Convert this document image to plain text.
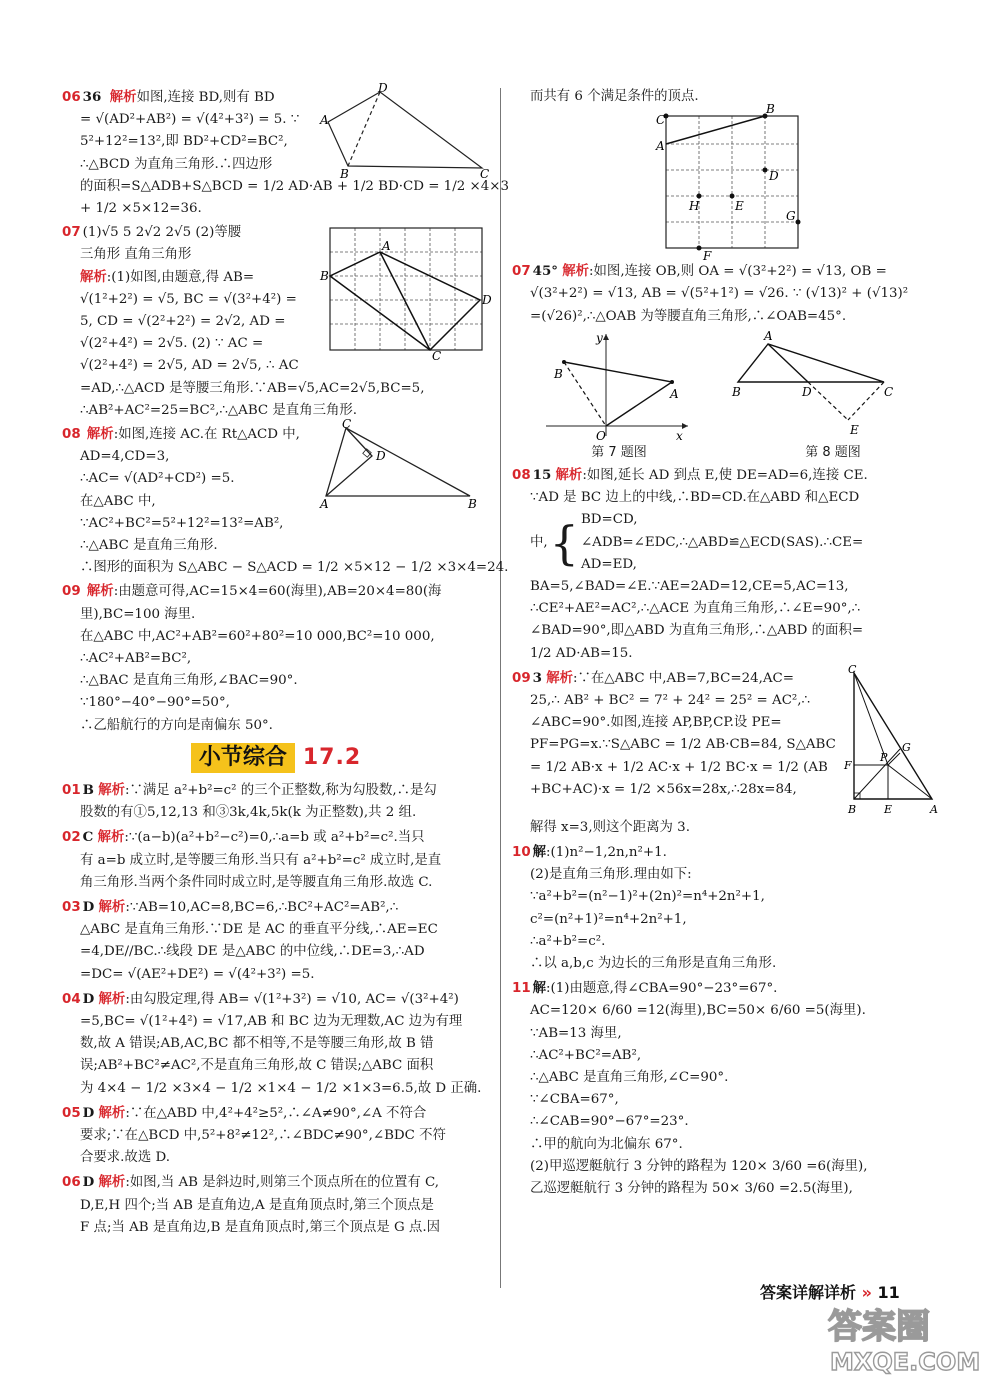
D
A
B	C
06 36 解析如图,连接 BD,则有 BD
= √(AD²+AB²) = √(4²+3²) = 5. ∵
5²+12²=13²,即 BD²+CD²=BC²,
∴△BCD 为直角三角形.∴四边形
的面积=S△ADB+S△BCD = 1/2 AD·AB + 1/2 BD·CD = 1/2 ×4×3
+ 1/2 ×5×12=36.
A
B
C
D
07 (1)√5 5 2√2 2√5 (2)等腰
三角形 直角三角形
解析:(1)如图,由题意,得 AB=
√(1²+2²) = √5, BC = √(3²+4²) =
5, CD = √(2²+2²) = 2√2, AD =
√(2²+4²) = 2√5. (2) ∵ AC =
√(2²+4²) = 2√5, AD = 2√5, ∴ AC
=AD,∴△ACD 是等腰三角形.∵AB=√5,AC=2√5,BC=5,
∴AB²+AC²=25=BC²,∴△ABC 是直角三角形.
C
D
A	B
08 解析:如图,连接 AC.在 Rt△ACD 中,
AD=4,CD=3,
∴AC= √(AD²+CD²) =5.
在△ABC 中,
∵AC²+BC²=5²+12²=13²=AB²,
∴△ABC 是直角三角形.
∴图形的面积为 S△ABC − S△ACD = 1/2 ×5×12 − 1/2 ×3×4=24.
09 解析:由题意可得,AC=15×4=60(海里),AB=20×4=80(海
里),BC=100 海里.
在△ABC 中,AC²+AB²=60²+80²=10 000,BC²=10 000,
∴AC²+AB²=BC²,
∴△BAC 是直角三角形,∠BAC=90°.
∵180°−40°−90°=50°,
∴乙船航行的方向是南偏东 50°.
小节综合 17.2
01 B 解析:∵满足 a²+b²=c² 的三个正整数,称为勾股数,∴是勾
股数的有①5,12,13 和③3k,4k,5k(k 为正整数),共 2 组.
02 C 解析:∵(a−b)(a²+b²−c²)=0,∴a=b 或 a²+b²=c².当只
有 a=b 成立时,是等腰三角形.当只有 a²+b²=c² 成立时,是直
角三角形.当两个条件同时成立时,是等腰直角三角形.故选 C.
03 D 解析:∵AB=10,AC=8,BC=6,∴BC²+AC²=AB²,∴
△ABC 是直角三角形.∵DE 是 AC 的垂直平分线,∴AE=EC
=4,DE//BC.∴线段 DE 是△ABC 的中位线,∴DE=3,∴AD
=DC= √(AE²+DE²) = √(4²+3²) =5.
04 D 解析:由勾股定理,得 AB= √(1²+3²) = √10, AC= √(3²+4²)
=5,BC= √(1²+4²) = √17,AB 和 BC 边为无理数,AC 边为有理
数,故 A 错误;AB,AC,BC 都不相等,不是等腰三角形,故 B 错
误;AB²+BC²≠AC²,不是直角三角形,故 C 错误;△ABC 面积
为 4×4 − 1/2 ×3×4 − 1/2 ×1×4 − 1/2 ×1×3=6.5,故 D 正确.
05 D 解析:∵在△ABD 中,4²+4²≥5²,∴∠A≠90°,∠A 不符合
要求;∵在△BCD 中,5²+8²≠12²,∴∠BDC≠90°,∠BDC 不符
合要求.故选 D.
06 D 解析:如图,当 AB 是斜边时,则第三个顶点所在的位置有 C,
D,E,H 四个;当 AB 是直角边,A 是直角顶点时,第三个顶点是
F 点;当 AB 是直角边,B 是直角顶点时,第三个顶点是 G 点.因
而共有 6 个满足条件的顶点.
C
B
A
D
H	E
G
F
07 45° 解析:如图,连接 OB,则 OA = √(3²+2²) = √13, OB =
√(3²+2²) = √13, AB = √(5²+1²) = √26. ∵ (√13)² + (√13)²
=(√26)²,∴△OAB 为等腰直角三角形,∴∠OAB=45°.
y
B
A
O	x
A
B	D	C
E
第 7 题图	第 8 题图
08 15 解析:如图,延长 AD 到点 E,使 DE=AD=6,连接 CE.
∵AD 是 BC 边上的中线,∴BD=CD.在△ABD 和△ECD
中, { BD=CD,
∠ADB=∠EDC,∴△ABD≌△ECD(SAS).∴CE=
AD=ED,
BA=5,∠BAD=∠E.∵AE=2AD=12,CE=5,AC=13,
∴CE²+AE²=AC²,∴△ACE 为直角三角形,∴∠E=90°,∴
∠BAD=90°,即△ABD 为直角三角形,∴△ABD 的面积=
1/2 AD·AB=15.
C
G
F
P
B	E	A
09 3 解析:∵在△ABC 中,AB=7,BC=24,AC=
25,∴ AB² + BC² = 7² + 24² = 25² = AC²,∴
∠ABC=90°.如图,连接 AP,BP,CP.设 PE=
PF=PG=x.∵S△ABC = 1/2 AB·CB=84, S△ABC
= 1/2 AB·x + 1/2 AC·x + 1/2 BC·x = 1/2 (AB
+BC+AC)·x = 1/2 ×56x=28x,∴28x=84,
解得 x=3,则这个距离为 3.
10 解:(1)n²−1,2n,n²+1.
(2)是直角三角形.理由如下:
∵a²+b²=(n²−1)²+(2n)²=n⁴+2n²+1,
c²=(n²+1)²=n⁴+2n²+1,
∴a²+b²=c².
∴以 a,b,c 为边长的三角形是直角三角形.
11 解:(1)由题意,得∠CBA=90°−23°=67°.
AC=120× 6/60 =12(海里),BC=50× 6/60 =5(海里).
∵AB=13 海里,
∴AC²+BC²=AB²,
∴△ABC 是直角三角形,∠C=90°.
∵∠CBA=67°,
∴∠CAB=90°−67°=23°.
∴甲的航向为北偏东 67°.
(2)甲巡逻艇航行 3 分钟的路程为 120× 3/60 =6(海里),
乙巡逻艇航行 3 分钟的路程为 50× 3/60 =2.5(海里),
答案详解详析 » 11
答案圈
MXQE.COM
